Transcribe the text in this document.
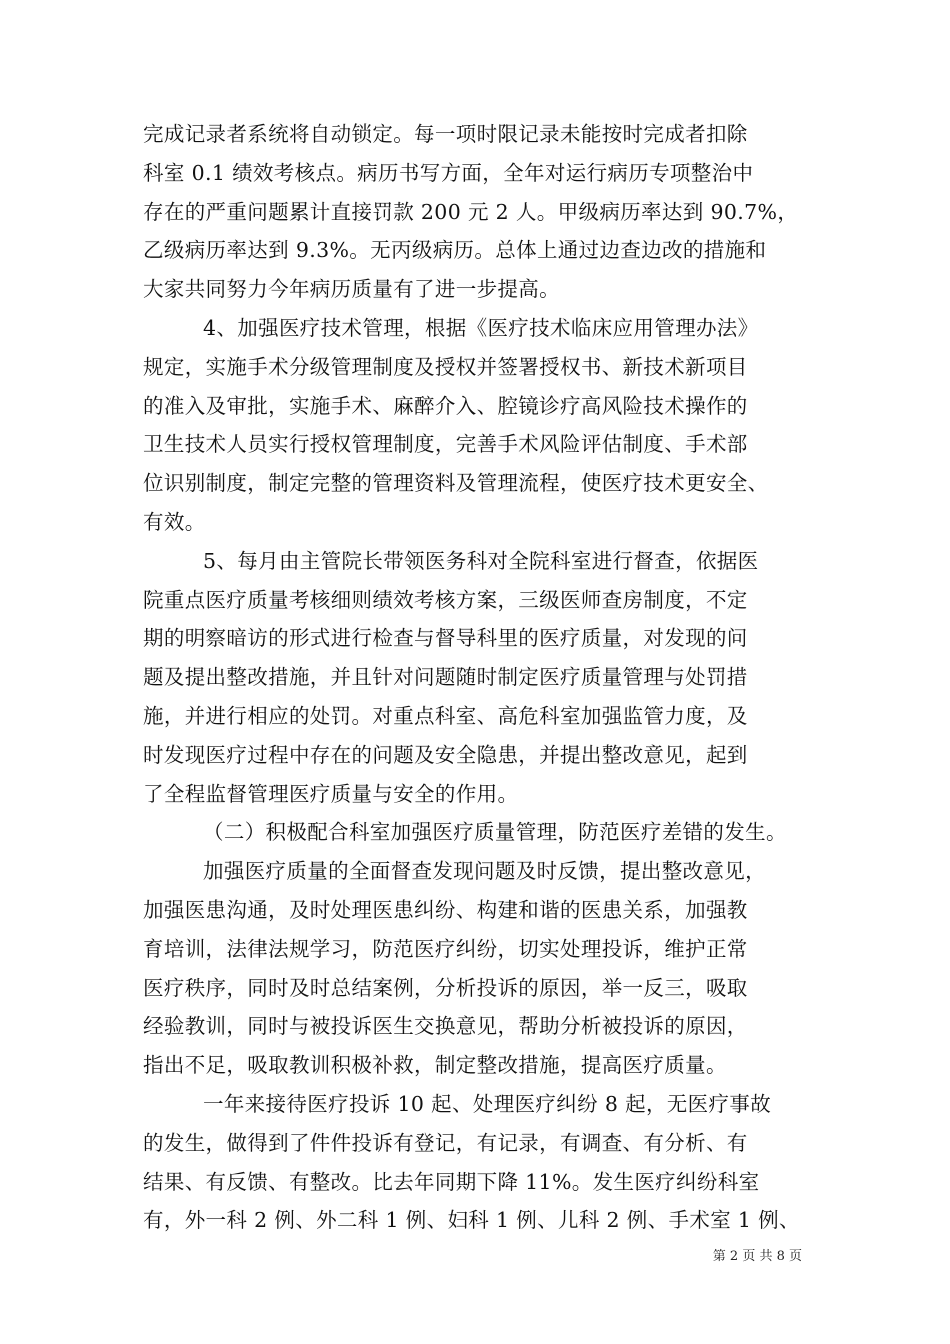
完成记录者系统将自动锁定。每一项时限记录未能按时完成者扣除
科室 0.1 绩效考核点。病历书写方面，全年对运行病历专项整治中
存在的严重问题累计直接罚款 200 元 2 人。甲级病历率达到 90.7%，
乙级病历率达到 9.3%。无丙级病历。总体上通过边查边改的措施和
大家共同努力今年病历质量有了进一步提高。
4、加强医疗技术管理，根据《医疗技术临床应用管理办法》
规定，实施手术分级管理制度及授权并签署授权书、新技术新项目
的准入及审批，实施手术、麻醉介入、腔镜诊疗高风险技术操作的
卫生技术人员实行授权管理制度，完善手术风险评估制度、手术部
位识别制度，制定完整的管理资料及管理流程，使医疗技术更安全、
有效。
5、每月由主管院长带领医务科对全院科室进行督查，依据医
院重点医疗质量考核细则绩效考核方案，三级医师查房制度，不定
期的明察暗访的形式进行检查与督导科里的医疗质量，对发现的问
题及提出整改措施，并且针对问题随时制定医疗质量管理与处罚措
施，并进行相应的处罚。对重点科室、高危科室加强监管力度，及
时发现医疗过程中存在的问题及安全隐患，并提出整改意见，起到
了全程监督管理医疗质量与安全的作用。
（二）积极配合科室加强医疗质量管理，防范医疗差错的发生。
加强医疗质量的全面督查发现问题及时反馈，提出整改意见，
加强医患沟通，及时处理医患纠纷、构建和谐的医患关系，加强教
育培训，法律法规学习，防范医疗纠纷，切实处理投诉，维护正常
医疗秩序，同时及时总结案例，分析投诉的原因，举一反三，吸取
经验教训，同时与被投诉医生交换意见，帮助分析被投诉的原因，
指出不足，吸取教训积极补救，制定整改措施，提高医疗质量。
一年来接待医疗投诉 10 起、处理医疗纠纷 8 起，无医疗事故
的发生，做得到了件件投诉有登记，有记录，有调查、有分析、有
结果、有反馈、有整改。比去年同期下降 11%。发生医疗纠纷科室
有，外一科 2 例、外二科 1 例、妇科 1 例、儿科 2 例、手术室 1 例、
第 2 页 共 8 页
